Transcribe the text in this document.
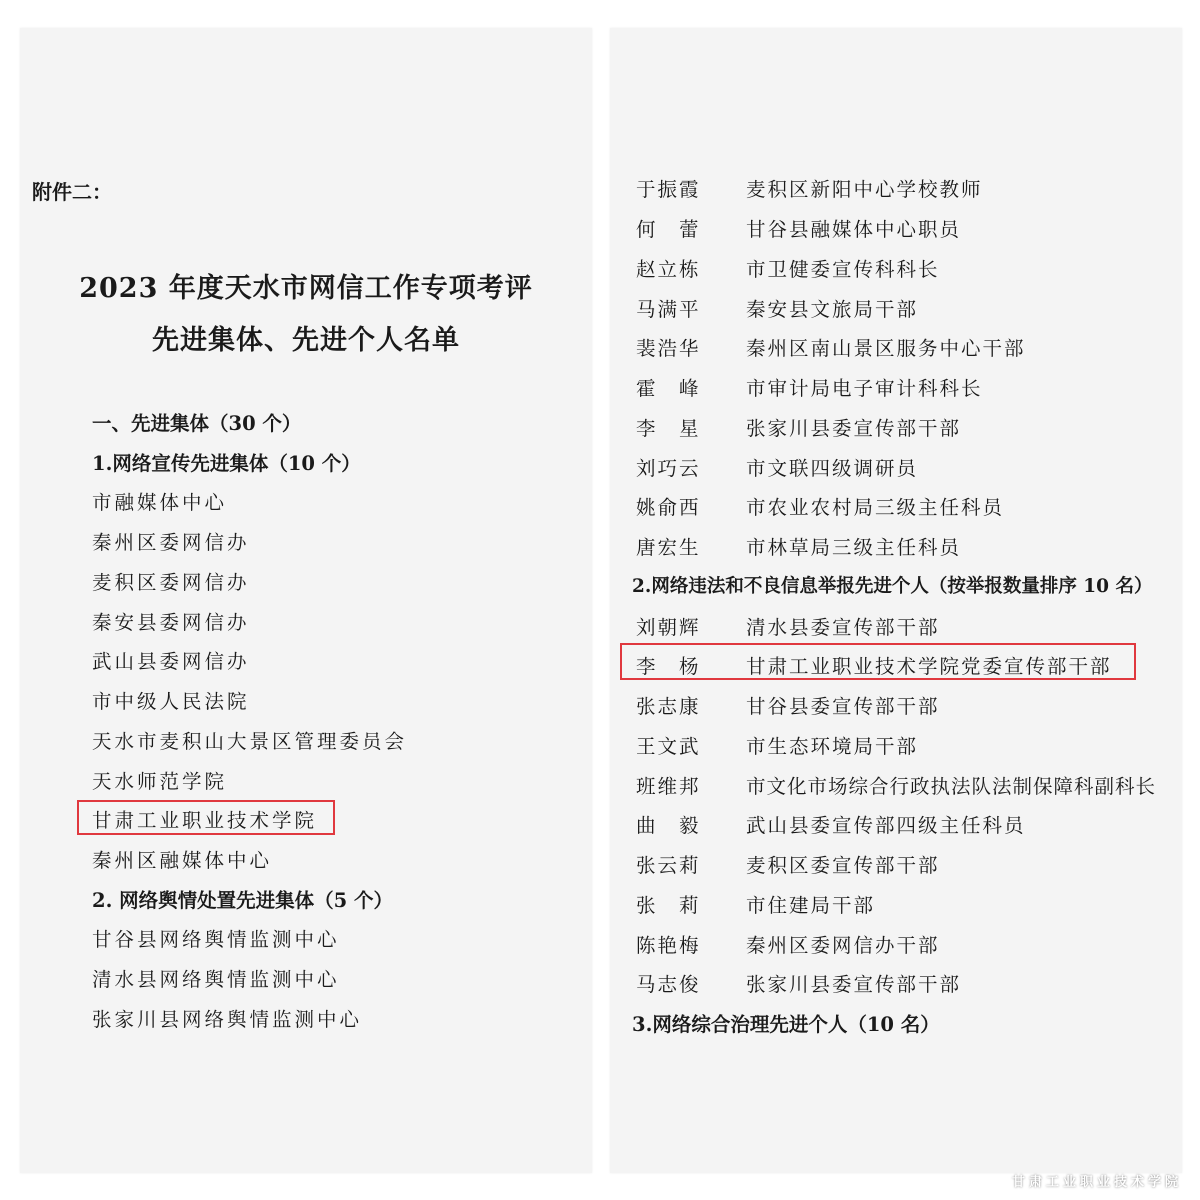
附件二：
2023 年度天水市网信工作专项考评
先进集体、先进个人名单
一、先进集体（30 个）
1.网络宣传先进集体（10 个）
市融媒体中心
秦州区委网信办
麦积区委网信办
秦安县委网信办
武山县委网信办
市中级人民法院
天水市麦积山大景区管理委员会
天水师范学院
甘肃工业职业技术学院
秦州区融媒体中心
2. 网络舆情处置先进集体（5 个）
甘谷县网络舆情监测中心
清水县网络舆情监测中心
张家川县网络舆情监测中心
于振霞 麦积区新阳中心学校教师
何　蕾 甘谷县融媒体中心职员
赵立栋 市卫健委宣传科科长
马满平 秦安县文旅局干部
裴浩华 秦州区南山景区服务中心干部
霍　峰 市审计局电子审计科科长
李　星 张家川县委宣传部干部
刘巧云 市文联四级调研员
姚俞西 市农业农村局三级主任科员
唐宏生 市林草局三级主任科员
2.网络违法和不良信息举报先进个人（按举报数量排序 10 名）
刘朝辉 清水县委宣传部干部
李　杨 甘肃工业职业技术学院党委宣传部干部
张志康 甘谷县委宣传部干部
王文武 市生态环境局干部
班维邦 市文化市场综合行政执法队法制保障科副科长
曲　毅 武山县委宣传部四级主任科员
张云莉 麦积区委宣传部干部
张　莉 市住建局干部
陈艳梅 秦州区委网信办干部
马志俊 张家川县委宣传部干部
3.网络综合治理先进个人（10 名）
甘肃工业职业技术学院
